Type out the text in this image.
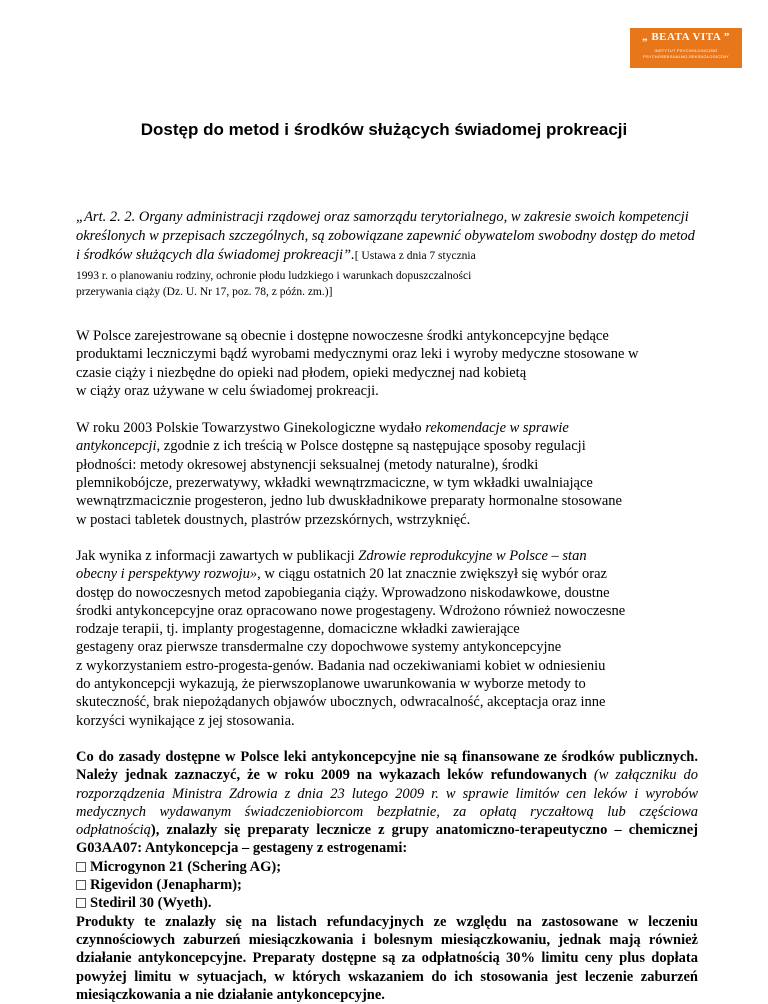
„ BEATA VITA ”
INSTYTUT PSYCHOLOGICZNO
PSYCHOSEKSUALNO-SEKSUOLOGICZNY
Dostęp do metod i środków służących świadomej prokreacji

„Art. 2. 2. Organy administracji rządowej oraz samorządu terytorialnego, w zakresie swoich kompetencji określonych w przepisach szczególnych, są zobowiązane zapewnić obywatelom swobodny dostęp do metod i środków służących dla świadomej prokreacji”.[ Ustawa z dnia 7 stycznia

1993 r. o planowaniu rodziny, ochronie płodu ludzkiego i warunkach dopuszczalności
przerywania ciąży (Dz. U. Nr 17, poz. 78, z późn. zm.)]

W Polsce zarejestrowane są obecnie i dostępne nowoczesne środki antykoncepcyjne będące
produktami leczniczymi bądź wyrobami medycznymi oraz leki i wyroby medyczne stosowane w
czasie ciąży i niezbędne do opieki nad płodem, opieki medycznej nad kobietą
w ciąży oraz używane w celu świadomej prokreacji.

W roku 2003 Polskie Towarzystwo Ginekologiczne wydało rekomendacje w sprawie
antykoncepcji, zgodnie z ich treścią w Polsce dostępne są następujące sposoby regulacji
płodności: metody okresowej abstynencji seksualnej (metody naturalne), środki
plemnikobójcze, prezerwatywy, wkładki wewnątrzmaciczne, w tym wkładki uwalniające
wewnątrzmacicznie progesteron, jedno lub dwuskładnikowe preparaty hormonalne stosowane
w postaci tabletek doustnych, plastrów przezskórnych, wstrzyknięć.

Jak wynika z informacji zawartych w publikacji Zdrowie reprodukcyjne w Polsce – stan
obecny i perspektywy rozwoju», w ciągu ostatnich 20 lat znacznie zwiększył się wybór oraz
dostęp do nowoczesnych metod zapobiegania ciąży. Wprowadzono niskodawkowe, doustne
środki antykoncepcyjne oraz opracowano nowe progestageny. Wdrożono również nowoczesne
rodzaje terapii, tj. implanty progestagenne, domaciczne wkładki zawierające
gestageny oraz pierwsze transdermalne czy dopochwowe systemy antykoncepcyjne
z wykorzystaniem estro-progesta-genów. Badania nad oczekiwaniami kobiet w odniesieniu
do antykoncepcji wykazują, że pierwszoplanowe uwarunkowania w wyborze metody to
skuteczność, brak niepożądanych objawów ubocznych, odwracalność, akceptacja oraz inne
korzyści wynikające z jej stosowania.

Co do zasady dostępne w Polsce leki antykoncepcyjne nie są finansowane ze środków publicznych. Należy jednak zaznaczyć, że w roku 2009 na wykazach leków refundowanych (w załączniku do rozporządzenia Ministra Zdrowia z dnia 23 lutego 2009 r. w sprawie limitów cen leków i wyrobów medycznych wydawanym świadczeniobiorcom bezpłatnie, za opłatą ryczałtową lub częściowa odpłatnością), znalazły się preparaty lecznicze z grupy anatomiczno-terapeutyczno – chemicznej G03AA07: Antykoncepcja – gestageny z estrogenami:

Microgynon 21 (Schering AG);
Rigevidon (Jenapharm);
Stediril 30 (Wyeth).

Produkty te znalazły się na listach refundacyjnych ze względu na zastosowane w leczeniu czynnościowych zaburzeń miesiączkowania i bolesnym miesiączkowaniu, jednak mają również działanie antykoncepcyjne. Preparaty dostępne są za odpłatnością 30% limitu ceny plus dopłata powyżej limitu w sytuacjach, w których wskazaniem do ich stosowania jest leczenie zaburzeń miesiączkowania a nie działanie antykoncepcyjne.
